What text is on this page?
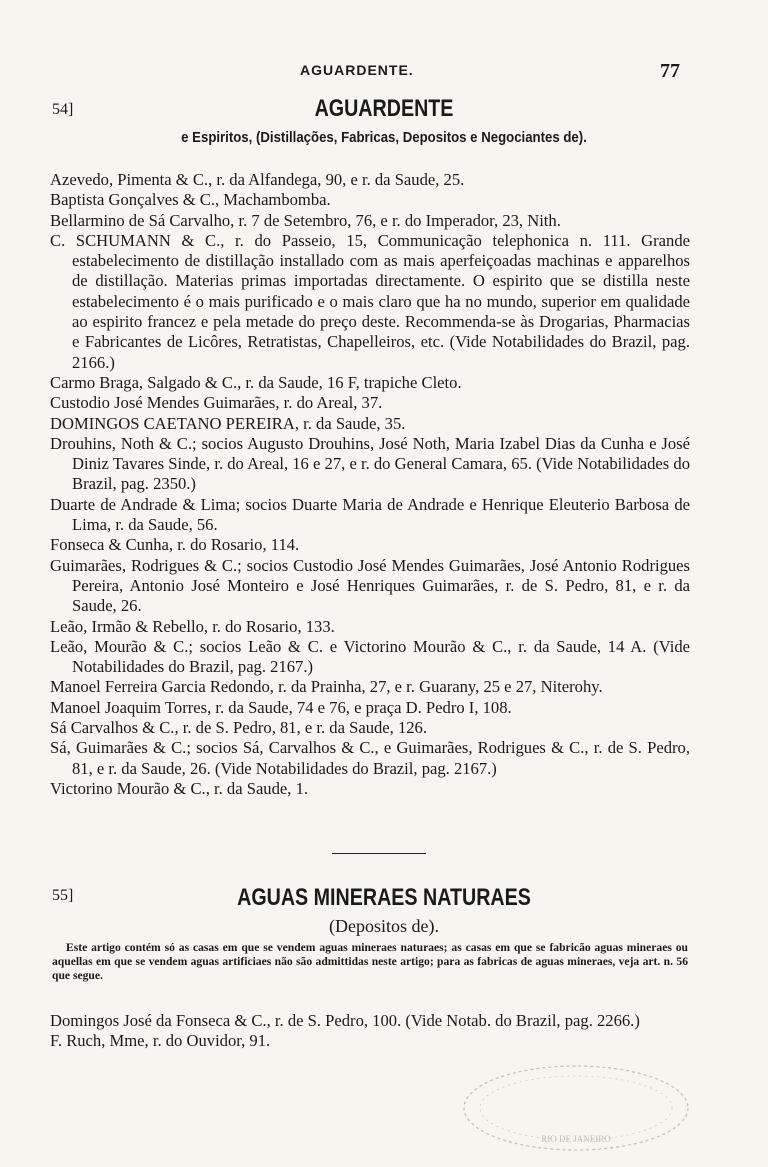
AGUARDENTE.	77
54]	AGUARDENTE
e Espiritos, (Distillações, Fabricas, Depositos e Negociantes de).

Azevedo, Pimenta & C., r. da Alfandega, 90, e r. da Saude, 25.

Baptista Gonçalves & C., Machambomba.

Bellarmino de Sá Carvalho, r. 7 de Setembro, 76, e r. do Imperador, 23, Nith.

C. SCHUMANN & C., r. do Passeio, 15, Communicação telephonica n. 111. Grande estabelecimento de distillação installado com as mais aperfeiçoadas machinas e apparelhos de distillação. Materias primas importadas directamente. O espirito que se distilla neste estabelecimento é o mais purificado e o mais claro que ha no mundo, superior em qualidade ao espirito francez e pela metade do preço deste. Recommenda-se às Drogarias, Pharmacias e Fabricantes de Licôres, Retratistas, Chapelleiros, etc. (Vide Notabilidades do Brazil, pag. 2166.)

Carmo Braga, Salgado & C., r. da Saude, 16 F, trapiche Cleto.

Custodio José Mendes Guimarães, r. do Areal, 37.

DOMINGOS CAETANO PEREIRA, r. da Saude, 35.

Drouhins, Noth & C.; socios Augusto Drouhins, José Noth, Maria Izabel Dias da Cunha e José Diniz Tavares Sinde, r. do Areal, 16 e 27, e r. do General Camara, 65. (Vide Notabilidades do Brazil, pag. 2350.)

Duarte de Andrade & Lima; socios Duarte Maria de Andrade e Henrique Eleuterio Barbosa de Lima, r. da Saude, 56.

Fonseca & Cunha, r. do Rosario, 114.

Guimarães, Rodrigues & C.; socios Custodio José Mendes Guimarães, José Antonio Rodrigues Pereira, Antonio José Monteiro e José Henriques Guimarães, r. de S. Pedro, 81, e r. da Saude, 26.

Leão, Irmão & Rebello, r. do Rosario, 133.

Leão, Mourão & C.; socios Leão & C. e Victorino Mourão & C., r. da Saude, 14 A. (Vide Notabilidades do Brazil, pag. 2167.)

Manoel Ferreira Garcia Redondo, r. da Prainha, 27, e r. Guarany, 25 e 27, Niterohy.

Manoel Joaquim Torres, r. da Saude, 74 e 76, e praça D. Pedro I, 108.

Sá Carvalhos & C., r. de S. Pedro, 81, e r. da Saude, 126.

Sá, Guimarães & C.; socios Sá, Carvalhos & C., e Guimarães, Rodrigues & C., r. de S. Pedro, 81, e r. da Saude, 26. (Vide Notabilidades do Brazil, pag. 2167.)

Victorino Mourão & C., r. da Saude, 1.

55]	AGUAS MINERAES NATURAES
(Depositos de).
Este artigo contém só as casas em que se vendem aguas mineraes naturaes; as casas em que se fabricão aguas mineraes ou aquellas em que se vendem aguas artificiaes não são admittidas neste artigo; para as fabricas de aguas mineraes, veja art. n. 56 que segue.

Domingos José da Fonseca & C., r. de S. Pedro, 100. (Vide Notab. do Brazil, pag. 2266.)

F. Ruch, Mme, r. do Ouvidor, 91.

RIO DE JANEIRO
